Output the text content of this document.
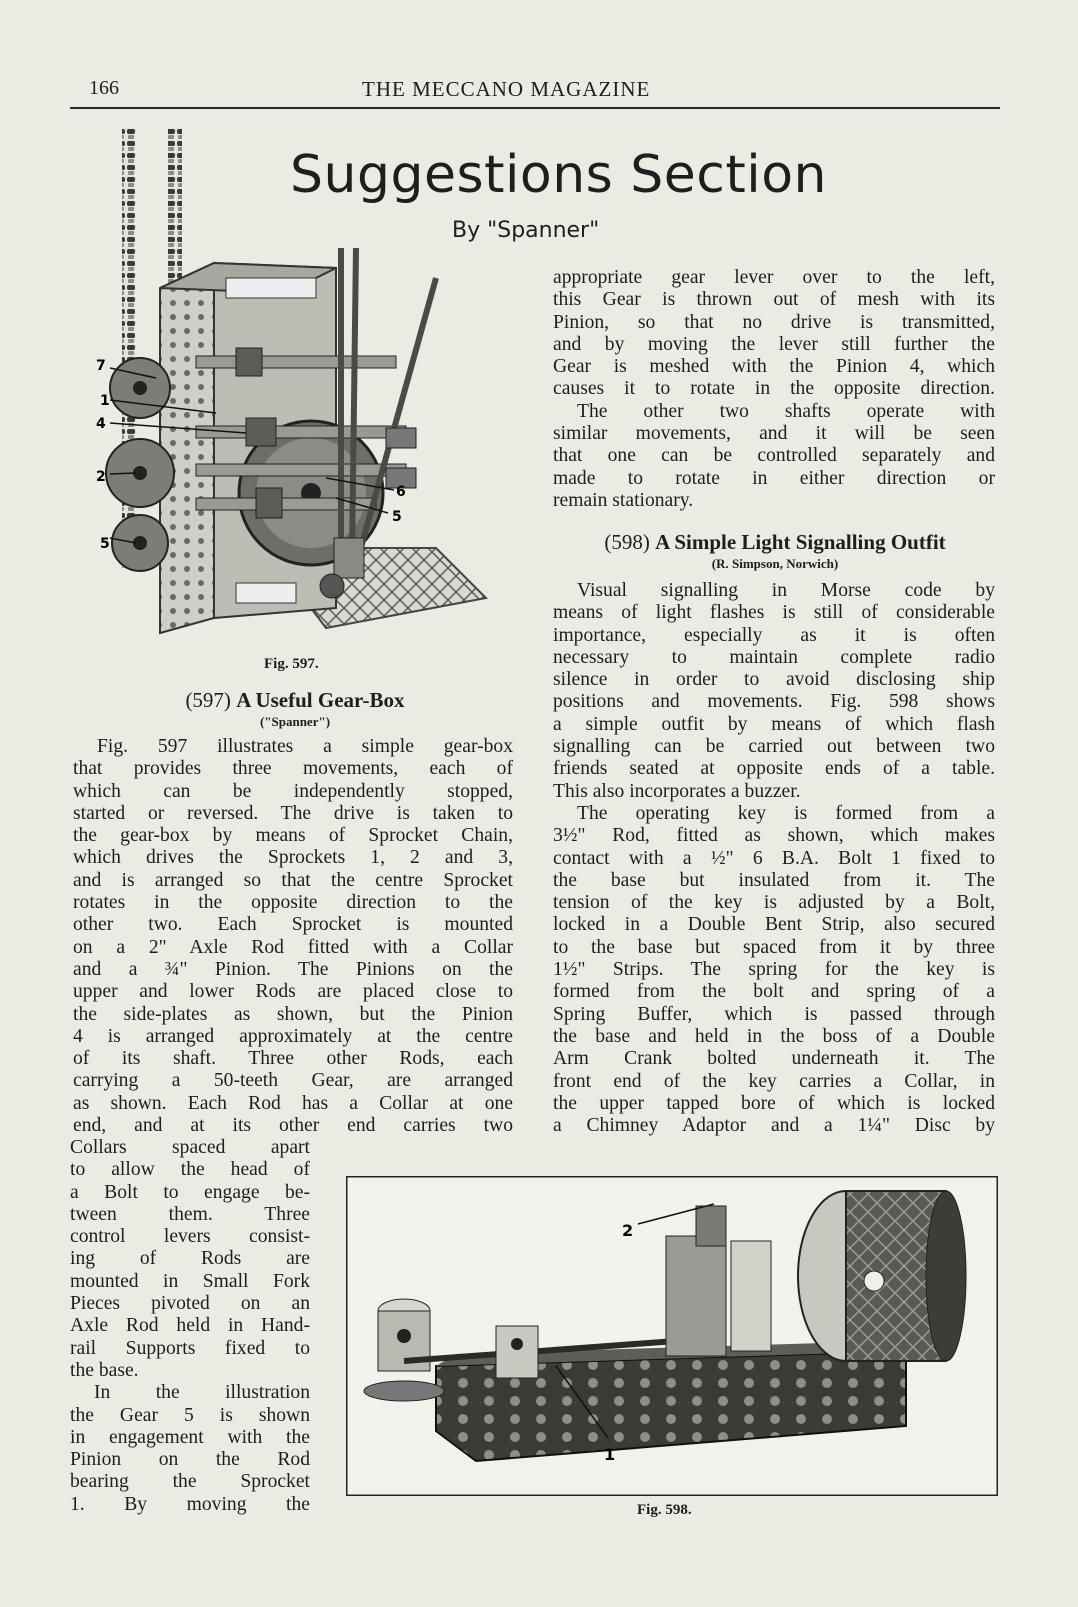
166	THE MECCANO MAGAZINE
Suggestions Section
By "Spanner"
7
1
4
2
5
6
5
Fig. 597.
(597) A Useful Gear-Box
("Spanner")
Fig. 597 illustrates a simple gear-box
that provides three movements, each of
which can be independently stopped,
started or reversed. The drive is taken to
the gear-box by means of Sprocket Chain,
which drives the Sprockets 1, 2 and 3,
and is arranged so that the centre Sprocket
rotates in the opposite direction to the
other two. Each Sprocket is mounted
on a 2" Axle Rod fitted with a Collar
and a ¾" Pinion. The Pinions on the
upper and lower Rods are placed close to
the side-plates as shown, but the Pinion
4 is arranged approximately at the centre
of its shaft. Three other Rods, each
carrying a 50-teeth Gear, are arranged
as shown. Each Rod has a Collar at one
end, and at its other end carries two
Collars spaced apart
to allow the head of
a Bolt to engage be-
tween them. Three
control levers consist-
ing of Rods are
mounted in Small Fork
Pieces pivoted on an
Axle Rod held in Hand-
rail Supports fixed to
the base.
In the illustration
the Gear 5 is shown
in engagement with the
Pinion on the Rod
bearing the Sprocket
1. By moving the
appropriate gear lever over to the left,
this Gear is thrown out of mesh with its
Pinion, so that no drive is transmitted,
and by moving the lever still further the
Gear is meshed with the Pinion 4, which
causes it to rotate in the opposite direction.
The other two shafts operate with
similar movements, and it will be seen
that one can be controlled separately and
made to rotate in either direction or
remain stationary.
(598) A Simple Light Signalling Outfit
(R. Simpson, Norwich)
Visual signalling in Morse code by
means of light flashes is still of considerable
importance, especially as it is often
necessary to maintain complete radio
silence in order to avoid disclosing ship
positions and movements. Fig. 598 shows
a simple outfit by means of which flash
signalling can be carried out between two
friends seated at opposite ends of a table.
This also incorporates a buzzer.
The operating key is formed from a
3½" Rod, fitted as shown, which makes
contact with a ½" 6 B.A. Bolt 1 fixed to
the base but insulated from it. The
tension of the key is adjusted by a Bolt,
locked in a Double Bent Strip, also secured
to the base but spaced from it by three
1½" Strips. The spring for the key is
formed from the bolt and spring of a
Spring Buffer, which is passed through
the base and held in the boss of a Double
Arm Crank bolted underneath it. The
front end of the key carries a Collar, in
the upper tapped bore of which is locked
a Chimney Adaptor and a 1¼" Disc by
2
1
Fig. 598.
